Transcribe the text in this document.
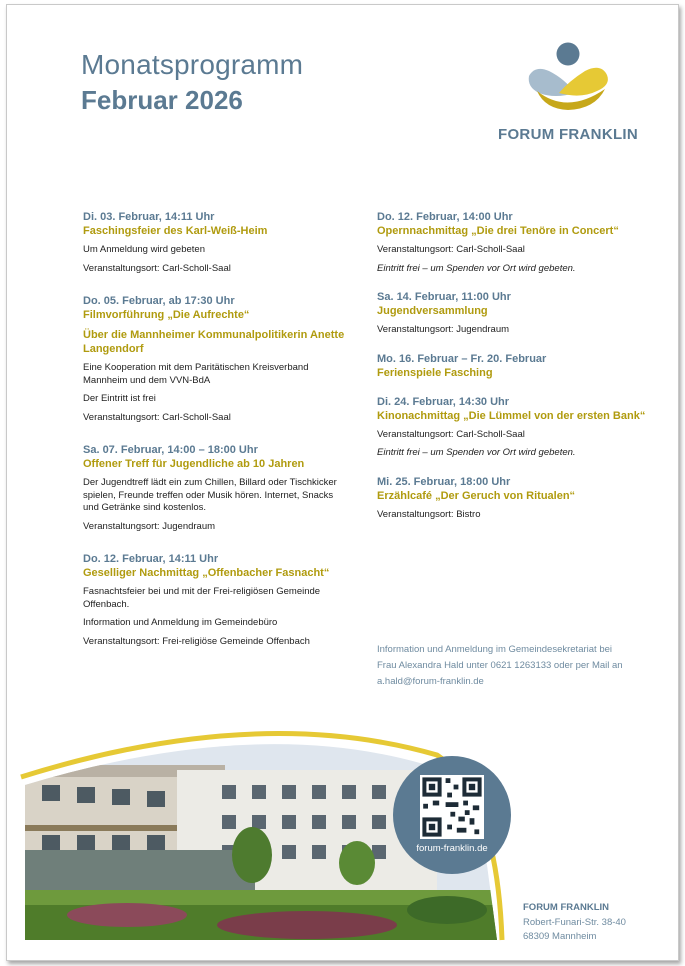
Monatsprogramm
Februar 2026
FORUM FRANKLIN
Di. 03. Februar, 14:11 Uhr
Faschingsfeier des Karl-Weiß-Heim
Um Anmeldung wird gebeten
Veranstaltungsort: Carl-Scholl-Saal
Do. 05. Februar, ab 17:30 Uhr
Filmvorführung „Die Aufrechte“
Über die Mannheimer Kommunalpolitikerin Anette Langendorf
Eine Kooperation mit dem Paritätischen Kreisverband Mannheim und dem VVN-BdA
Der Eintritt ist frei
Veranstaltungsort: Carl-Scholl-Saal
Sa. 07. Februar, 14:00 – 18:00 Uhr
Offener Treff für Jugendliche ab 10 Jahren
Der Jugendtreff lädt ein zum Chillen, Billard oder Tischkicker spielen, Freunde treffen oder Musik hören. Internet, Snacks und Getränke sind kostenlos.
Veranstaltungsort: Jugendraum
Do. 12. Februar, 14:11 Uhr
Geselliger Nachmittag „Offenbacher Fasnacht“
Fasnachtsfeier bei und mit der Frei-religiösen Gemeinde Offenbach.
Information und Anmeldung im Gemeindebüro
Veranstaltungsort: Frei-religiöse Gemeinde Offenbach
Do. 12. Februar, 14:00 Uhr
Opernnachmittag „Die drei Tenöre in Concert“
Veranstaltungsort: Carl-Scholl-Saal
Eintritt frei – um Spenden vor Ort wird gebeten.
Sa. 14. Februar, 11:00 Uhr
Jugendversammlung
Veranstaltungsort: Jugendraum
Mo. 16. Februar – Fr. 20. Februar
Ferienspiele Fasching
Di. 24. Februar, 14:30 Uhr
Kinonachmittag „Die Lümmel von der ersten Bank“
Veranstaltungsort: Carl-Scholl-Saal
Eintritt frei – um Spenden vor Ort wird gebeten.
Mi. 25. Februar, 18:00 Uhr
Erzählcafé „Der Geruch von Ritualen“
Veranstaltungsort: Bistro
Information und Anmeldung im Gemeindesekretariat bei
Frau Alexandra Hald unter 0621 1263133 oder per Mail an
a.hald@forum-franklin.de
forum-franklin.de
FORUM FRANKLIN
Robert-Funari-Str. 38-40
68309 Mannheim
